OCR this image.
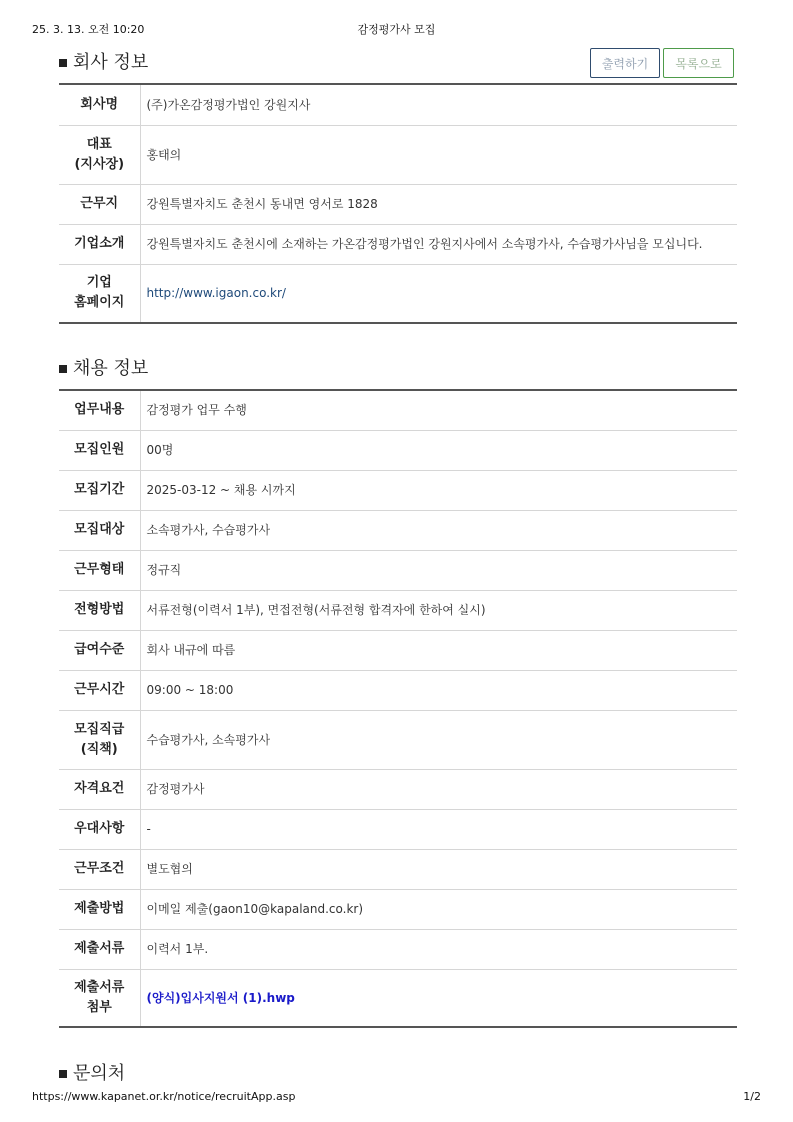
25. 3. 13. 오전 10:20	감정평가사 모집
회사 정보	출력하기	목록으로
회사명	(주)가온감정평가법인 강원지사
대표
(지사장)	홍태의
근무지	강원특별자치도 춘천시 동내면 영서로 1828
기업소개	강원특별자치도 춘천시에 소재하는 가온감정평가법인 강원지사에서 소속평가사, 수습평가사님을 모십니다.
기업
홈페이지	http://www.igaon.co.kr/
채용 정보
업무내용	감정평가 업무 수행
모집인원	00명
모집기간	2025-03-12 ~ 채용 시까지
모집대상	소속평가사, 수습평가사
근무형태	정규직
전형방법	서류전형(이력서 1부), 면접전형(서류전형 합격자에 한하여 실시)
급여수준	회사 내규에 따름
근무시간	09:00 ~ 18:00
모집직급
(직책)	수습평가사, 소속평가사
자격요건	감정평가사
우대사항	-
근무조건	별도협의
제출방법	이메일 제출(gaon10@kapaland.co.kr)
제출서류	이력서 1부.
제출서류
첨부	(양식)입사지원서 (1).hwp
문의처
https://www.kapanet.or.kr/notice/recruitApp.asp	1/2
